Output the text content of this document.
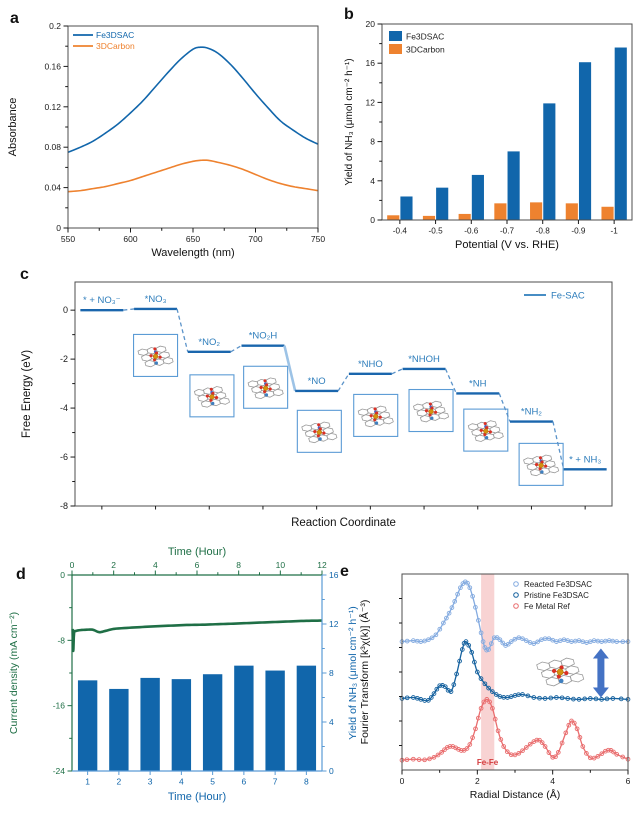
a
550	600	650	700	750
0
0.04
0.08
0.12
0.16
0.2
Wavelength (nm)
Absorbance
Fe3DSAC
3DCarbon
b
-0.4	-0.5	-0.6	-0.7	-0.8	-0.9	-1
0
4
8
12
16
20
Potential (V vs. RHE)
Yield of NH₃ (μmol cm⁻² h⁻¹)
Fe3DSAC
3DCarbon
c
* + NO₃⁻	*NO₃
*NO₂
*NO₂H
*NO
*NHO	*NHOH
*NH
*NH₂
* + NH₃
0
-2
-4
-6
-8
Reaction Coordinate
Free Energy (eV)
Fe-SAC
d
0	2	4	6	8	10	12
Time (Hour)
0
-8
-16
-24
Current density (mA cm⁻²)
1	2	3	4	5	6	7	8
Time (Hour)
0
4
8
12
16
Yield of NH₃ (μmol cm⁻² h⁻¹)
e
Fe-Fe
0	2	4	6
Radial Distance (Å)
Fourier Transform [k³χ(k)] (Å⁻³)
Reacted Fe3DSAC
Pristine Fe3DSAC
Fe Metal Ref
